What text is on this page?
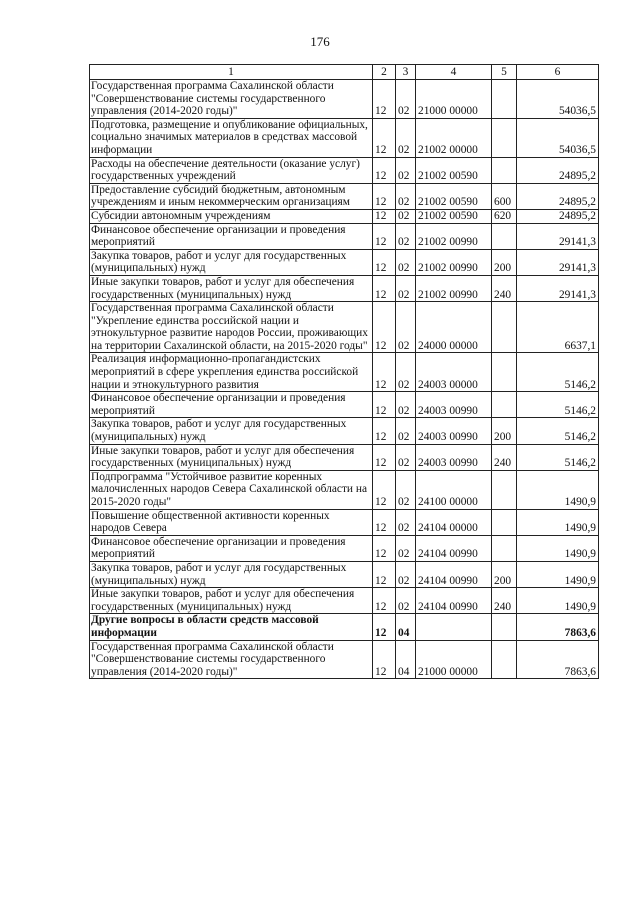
176
1	2	3	4	5	6
Государственная программа Сахалинской области "Совершенствование системы государственного управления (2014-2020 годы)"	12	02	21000 00000		54036,5
Подготовка, размещение и опубликование официальных, социально значимых материалов в средствах массовой информации	12	02	21002 00000		54036,5
Расходы на обеспечение деятельности (оказание услуг) государственных учреждений	12	02	21002 00590		24895,2
Предоставление субсидий бюджетным, автономным учреждениям и иным некоммерческим организациям	12	02	21002 00590	600	24895,2
Субсидии автономным учреждениям	12	02	21002 00590	620	24895,2
Финансовое обеспечение организации и проведения мероприятий	12	02	21002 00990		29141,3
Закупка товаров, работ и услуг для государственных (муниципальных) нужд	12	02	21002 00990	200	29141,3
Иные закупки товаров, работ и услуг для обеспечения государственных (муниципальных) нужд	12	02	21002 00990	240	29141,3
Государственная программа Сахалинской области "Укрепление единства российской нации и этнокультурное развитие народов России, проживающих на территории Сахалинской области, на 2015-2020 годы"	12	02	24000 00000		6637,1
Реализация информационно-пропагандистских мероприятий в сфере укрепления единства российской нации и этнокультурного развития	12	02	24003 00000		5146,2
Финансовое обеспечение организации и проведения мероприятий	12	02	24003 00990		5146,2
Закупка товаров, работ и услуг для государственных (муниципальных) нужд	12	02	24003 00990	200	5146,2
Иные закупки товаров, работ и услуг для обеспечения государственных (муниципальных) нужд	12	02	24003 00990	240	5146,2
Подпрограмма "Устойчивое развитие коренных малочисленных народов Севера Сахалинской области на 2015-2020 годы"	12	02	24100 00000		1490,9
Повышение общественной активности коренных народов Севера	12	02	24104 00000		1490,9
Финансовое обеспечение организации и проведения мероприятий	12	02	24104 00990		1490,9
Закупка товаров, работ и услуг для государственных (муниципальных) нужд	12	02	24104 00990	200	1490,9
Иные закупки товаров, работ и услуг для обеспечения государственных (муниципальных) нужд	12	02	24104 00990	240	1490,9
Другие вопросы в области средств массовой информации	12	04			7863,6
Государственная программа Сахалинской области "Совершенствование системы государственного управления (2014-2020 годы)"	12	04	21000 00000		7863,6
